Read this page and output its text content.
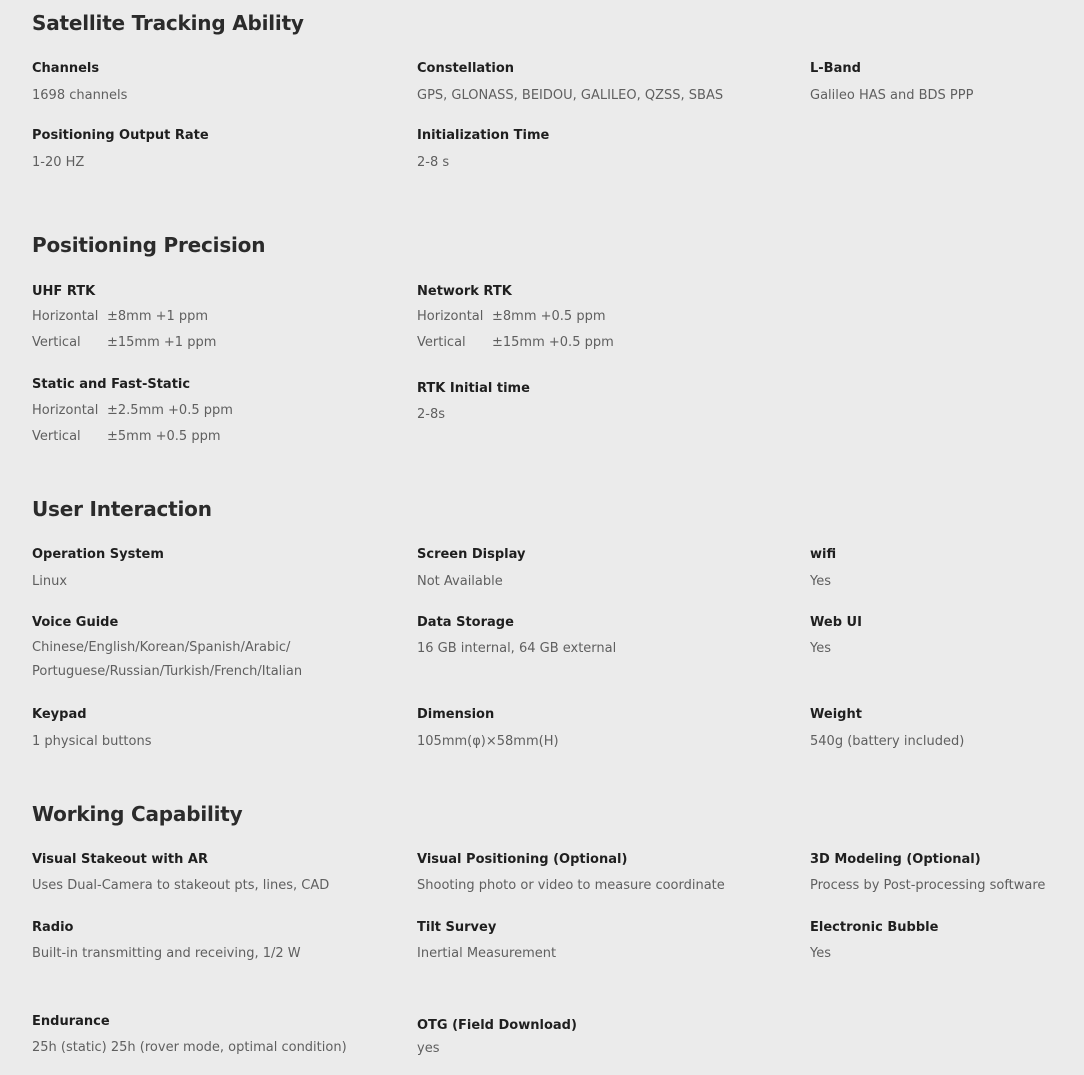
Satellite Tracking Ability
Channels
1698 channels
Constellation
GPS, GLONASS, BEIDOU, GALILEO, QZSS, SBAS
L-Band
Galileo HAS and BDS PPP
Positioning Output Rate
1-20 HZ
Initialization Time
2-8 s
Positioning Precision
UHF RTK
Horizontal ±8mm +1 ppm
Vertical ±15mm +1 ppm
Network RTK
Horizontal ±8mm +0.5 ppm
Vertical ±15mm +0.5 ppm
Static and Fast-Static
Horizontal ±2.5mm +0.5 ppm
Vertical ±5mm +0.5 ppm
RTK Initial time
2-8s
User Interaction
Operation System
Linux
Screen Display
Not Available
wifi
Yes
Voice Guide
Chinese/English/Korean/Spanish/Arabic/
Portuguese/Russian/Turkish/French/Italian
Data Storage
16 GB internal, 64 GB external
Web UI
Yes
Keypad
1 physical buttons
Dimension
105mm(φ)×58mm(H)
Weight
540g (battery included)
Working Capability
Visual Stakeout with AR
Uses Dual-Camera to stakeout pts, lines, CAD
Visual Positioning (Optional)
Shooting photo or video to measure coordinate
3D Modeling (Optional)
Process by Post-processing software
Radio
Built-in transmitting and receiving, 1/2 W
Tilt Survey
Inertial Measurement
Electronic Bubble
Yes
Endurance
25h (static) 25h (rover mode, optimal condition)
OTG (Field Download)
yes
